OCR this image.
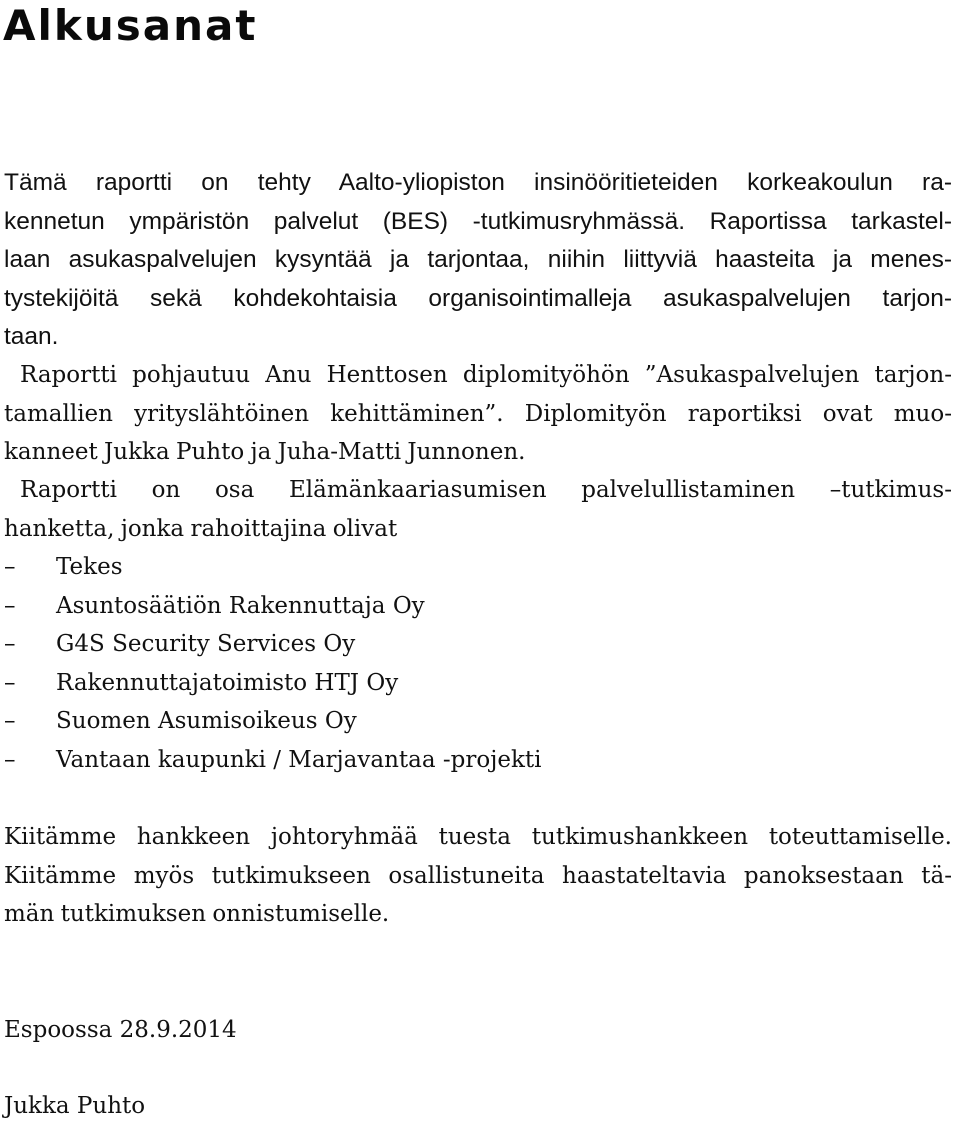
Alkusanat
Tämä raportti on tehty Aalto-yliopiston insinööritieteiden korkeakoulun ra-
kennetun ympäristön palvelut (BES) -tutkimusryhmässä. Raportissa tarkastel-
laan asukaspalvelujen kysyntää ja tarjontaa, niihin liittyviä haasteita ja menes-
tystekijöitä sekä kohdekohtaisia organisointimalleja asukaspalvelujen tarjon-
taan.
Raportti pohjautuu Anu Henttosen diplomityöhön ”Asukaspalvelujen tarjon-
tamallien yrityslähtöinen kehittäminen”. Diplomityön raportiksi ovat muo-
kanneet Jukka Puhto ja Juha-Matti Junnonen.
Raportti on osa Elämänkaariasumisen palvelullistaminen –tutkimus-
hanketta, jonka rahoittajina olivat
– Tekes
– Asuntosäätiön Rakennuttaja Oy
– G4S Security Services Oy
– Rakennuttajatoimisto HTJ Oy
– Suomen Asumisoikeus Oy
– Vantaan kaupunki / Marjavantaa -projekti
Kiitämme hankkeen johtoryhmää tuesta tutkimushankkeen toteuttamiselle.
Kiitämme myös tutkimukseen osallistuneita haastateltavia panoksestaan tä-
män tutkimuksen onnistumiselle.
Espoossa 28.9.2014
Jukka Puhto
